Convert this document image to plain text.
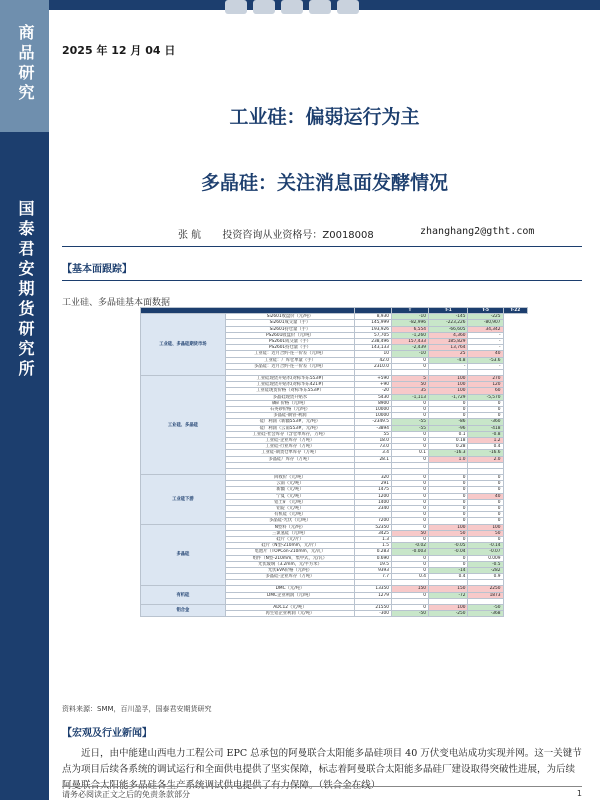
商品研究
国泰君安期货研究所
2025 年 12 月 04 日
工业硅：偏弱运行为主
多晶硅：关注消息面发酵情况
张 航 投资咨询从业资格号：Z0018008	zhanghang2@gtht.com
【基本面跟踪】
工业硅、多晶硅基本面数据
			T	T-1	T-5	T-22
工业硅、多晶硅期货市场	Si2601收盘价（元/吨）	8,930	-10	-145	-225	
	Si2601成交量（手）	145,999	-82,996	-223,226	-80,907	
	Si2601持仓量（手）	193,926	6,554	-66,605	34,342	
	PS2601收盘价（元/吨）	57,705	-1,260	4,360	-	
	PS2601成交量（手）	238,496	157,433	185,829	-	
	PS2601持仓量（手）	143,133	-2,439	13,764	-	
	工业硅：近月合约-连一价差（元/吨）	10	-10	25	40	
	工业硅：厂库仓单量（手）	42.0	0	-4.8	-53.6	
	多晶硅：近月合约-连一价差（元/吨）	2310.0	0	-	-	

工业硅、多晶硅	工业硅现货升贴水(对标华东553#)	+590	5	100	270	
	工业硅现货升贴水(对标华东421#)	+90	50	100	120	
	工业硅现货价格（对标华东553#）	-20	35	100	60	
	多晶硅现货升贴水	5430	-1,113	-1,729	-5,570	
	磷矿价格（元/吨）	8900	0	0	0	
	石英砂价格（元/吨）	10000	0	0	0	
	多晶硅-铜管-利润	10000	0	0	0	
	硅厂利润（新疆553#，元/吨）	-2349.5	-55	-86	-360	
	硅厂利润（云南553#，元/吨）	-3894	-55	-96	-418	
	工业硅-社会库存（含仓单库存，万吨）	55	0	0.1	-0.8	
	工业硅-企业库存（万吨）	18.0	0	0.18	1.2	
	工业硅-行业库存（万吨）	73.0	0	0.28	0.4	
	工业硅-期货仓单库存（万吨）	3.4	0.1	-16.3	-16.6	
	多晶硅厂库存（万吨）	28.1	0	1.0	2.0	

工业硅下游	回收价（元/吨）	320	0	0	0	
	云南（元/吨）	291	0	0	0	
	新疆（元/吨）	1475	0	0	0	
	宁夏（元/吨）	1200	0	0	40	
	铝土矿（元/吨）	1400	0	0	0	
	铝锭（元/吨）	2340	0	0	0	
	有机硅（元/吨）		0	0	0	
	多晶硅-光伏（元/吨）	7200	0	0	0	
多晶硅	N型料（元/吨）	52350	0	100	100	
	三氯氢硅（元/吨）	3425	50	50	50	
	硅片（元/片）	1.3	0	0	0	
	硅片（N型-210mm，元/片）	1.5	-0.02	-0.05	-0.14	
	电池片（TOPCon-210mm，元/瓦）	0.283	-0.003	-0.04	-0.07	
	组件（N型-210mm，集中式，元/瓦）	0.690	0	0	0.009	
	光伏玻璃（3.2mm，元/平方米）	19.5	0	0	-0.5	
	光伏EVA价格（元/吨）	9393	0	-14	-282	
	多晶硅-企业库存（万吨）	7.7	0.4	0.4	0.9	

有机硅	DMC（元/吨）	13350	150	150	2250	
	DMC企业利润（元/吨）	1279	0	-72	1873	

铝合金	ADC12（元/吨）	21550	0	100	-50	
	再生铝企业利润（元/吨）	-300	-50	-250	-368	
资料来源：SMM，百川盈孚，国泰君安期货研究
【宏观及行业新闻】
近日，由中能建山西电力工程公司 EPC 总承包的阿曼联合太阳能多晶硅项目 40 万伏变电站成功实现并网。这一关键节点为项目后续各系统的调试运行和全面供电提供了坚实保障，标志着阿曼联合太阳能多晶硅厂建设取得突破性进展，为后续阿曼联合太阳能多晶硅各生产系统调试供电提供了有力保障。（铁合金在线）
请务必阅读正文之后的免责条款部分	1
